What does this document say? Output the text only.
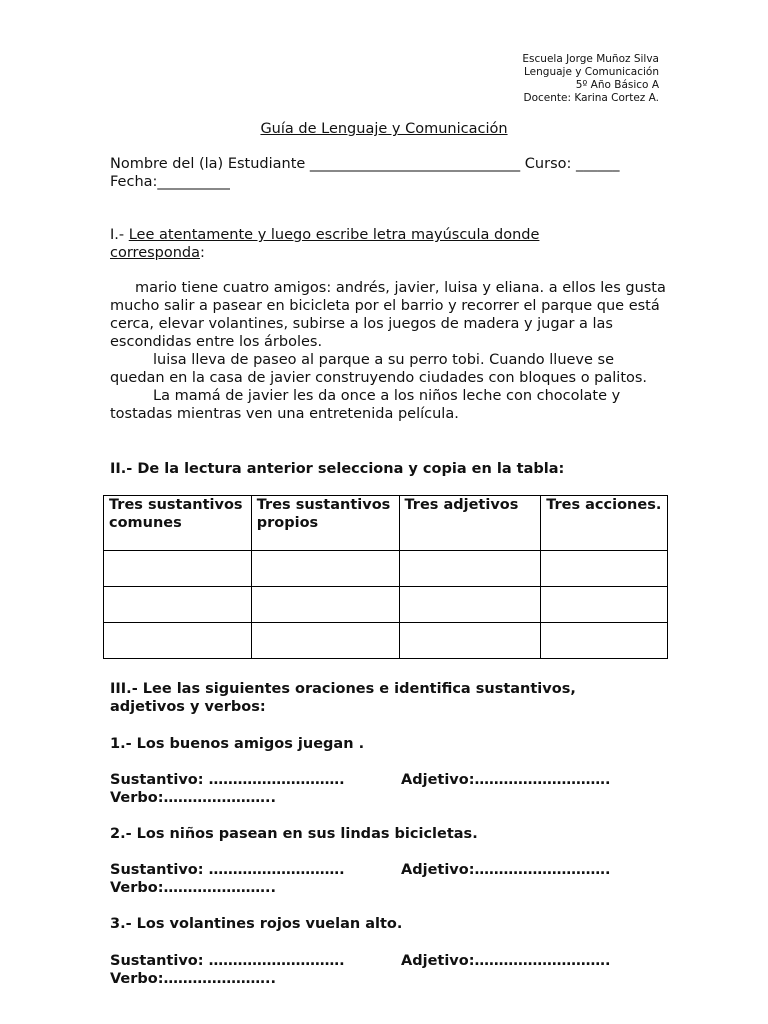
Escuela Jorge Muñoz Silva
Lenguaje y Comunicación
5º Año Básico A
Docente: Karina Cortez A.
Guía de Lenguaje y Comunicación
Nombre del (la) Estudiante _____________________________ Curso: ______
Fecha:__________
I.- Lee atentamente y luego escribe letra mayúscula donde
corresponda:

mario tiene cuatro amigos: andrés, javier, luisa y eliana. a ellos les gusta mucho salir a pasear en bicicleta por el barrio y recorrer el parque que está cerca, elevar volantines, subirse a los juegos de madera y jugar a las escondidas entre los árboles.

luisa lleva de paseo al parque a su perro tobi. Cuando llueve se quedan en la casa de javier construyendo ciudades con bloques o palitos.

La mamá de javier les da once a los niños leche con chocolate y tostadas mientras ven una entretenida película.

II.- De la lectura anterior selecciona y copia en la tabla:
Tres sustantivos comunes	Tres sustantivos propios	Tres adjetivos	Tres acciones.

III.- Lee las siguientes oraciones e identifica sustantivos,
adjetivos y verbos:
1.- Los buenos amigos juegan .
Sustantivo: ……………………….	Adjetivo:……………………….
Verbo:…………………..
2.- Los niños pasean en sus lindas bicicletas.
Sustantivo: ……………………….	Adjetivo:……………………….
Verbo:…………………..
3.- Los volantines rojos vuelan alto.
Sustantivo: ……………………….	Adjetivo:……………………….
Verbo:…………………..
